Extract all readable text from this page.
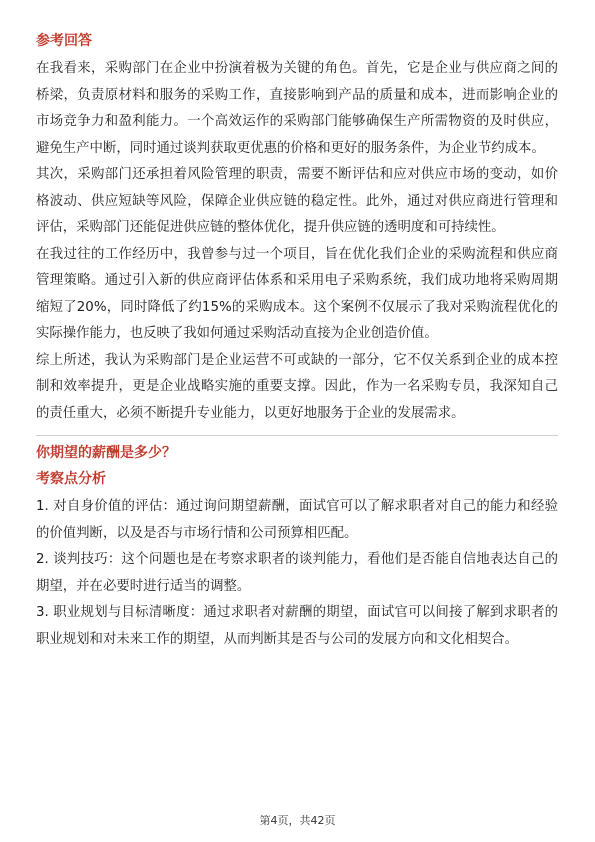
参考回答

在我看来，采购部门在企业中扮演着极为关键的角色。首先，它是企业与供应商之间的桥梁，负责原材料和服务的采购工作，直接影响到产品的质量和成本，进而影响企业的市场竞争力和盈利能力。一个高效运作的采购部门能够确保生产所需物资的及时供应，避免生产中断，同时通过谈判获取更优惠的价格和更好的服务条件，为企业节约成本。

其次，采购部门还承担着风险管理的职责，需要不断评估和应对供应市场的变动，如价格波动、供应短缺等风险，保障企业供应链的稳定性。此外，通过对供应商进行管理和评估，采购部门还能促进供应链的整体优化，提升供应链的透明度和可持续性。

在我过往的工作经历中，我曾参与过一个项目，旨在优化我们企业的采购流程和供应商管理策略。通过引入新的供应商评估体系和采用电子采购系统，我们成功地将采购周期缩短了20%，同时降低了约15%的采购成本。这个案例不仅展示了我对采购流程优化的实际操作能力，也反映了我如何通过采购活动直接为企业创造价值。

综上所述，我认为采购部门是企业运营不可或缺的一部分，它不仅关系到企业的成本控制和效率提升，更是企业战略实施的重要支撑。因此，作为一名采购专员，我深知自己的责任重大，必须不断提升专业能力，以更好地服务于企业的发展需求。

你期望的薪酬是多少？
考察点分析

1. 对自身价值的评估：通过询问期望薪酬，面试官可以了解求职者对自己的能力和经验的价值判断，以及是否与市场行情和公司预算相匹配。

2. 谈判技巧：这个问题也是在考察求职者的谈判能力，看他们是否能自信地表达自己的期望，并在必要时进行适当的调整。

3. 职业规划与目标清晰度：通过求职者对薪酬的期望，面试官可以间接了解到求职者的职业规划和对未来工作的期望，从而判断其是否与公司的发展方向和文化相契合。

第4页，共42页
